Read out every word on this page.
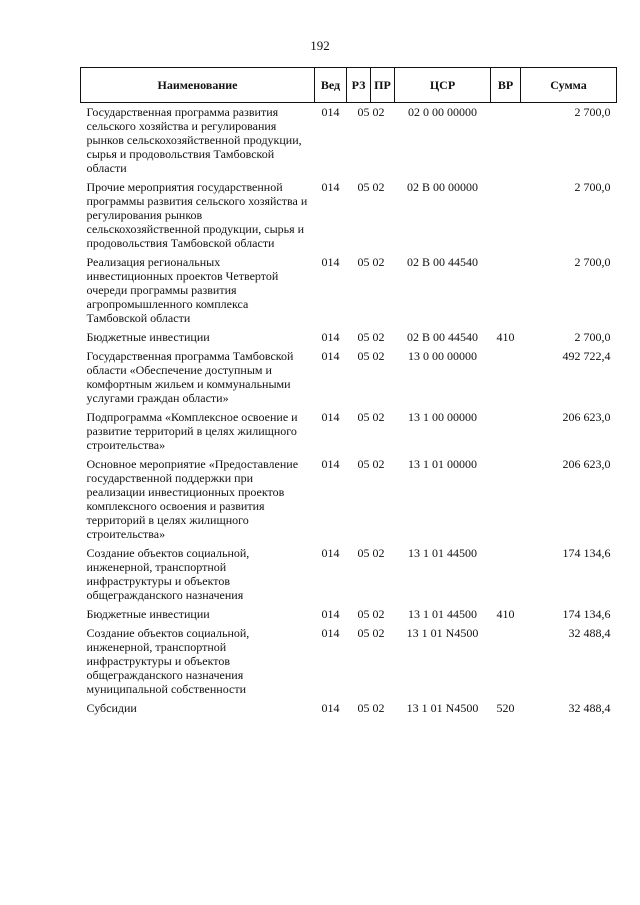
192
Наименование	Вед	РЗ	ПР	ЦСР	ВР	Сумма
Государственная программа развития сельского хозяйства и регулирования рынков сельскохозяйственной продукции, сырья и продовольствия Тамбовской области	014	05	02	02 0 00 00000		2 700,0
Прочие мероприятия государственной программы развития сельского хозяйства и регулирования рынков сельскохозяйственной продукции, сырья и продовольствия Тамбовской области	014	05	02	02 В 00 00000		2 700,0
Реализация региональных инвестиционных проектов Четвертой очереди программы развития агропромышленного комплекса Тамбовской области	014	05	02	02 В 00 44540		2 700,0
Бюджетные инвестиции	014	05	02	02 В 00 44540	410	2 700,0
Государственная программа Тамбовской области «Обеспечение доступным и комфортным жильем и коммунальными услугами граждан области»	014	05	02	13 0 00 00000		492 722,4
Подпрограмма «Комплексное освоение и развитие территорий в целях жилищного строительства»	014	05	02	13 1 00 00000		206 623,0
Основное мероприятие «Предоставление государственной поддержки при реализации инвестиционных проектов комплексного освоения и развития территорий в целях жилищного строительства»	014	05	02	13 1 01 00000		206 623,0
Создание объектов социальной, инженерной, транспортной инфраструктуры и объектов общегражданского назначения	014	05	02	13 1 01 44500		174 134,6
Бюджетные инвестиции	014	05	02	13 1 01 44500	410	174 134,6
Создание объектов социальной, инженерной, транспортной инфраструктуры и объектов общегражданского назначения муниципальной собственности	014	05	02	13 1 01 N4500		32 488,4
Субсидии	014	05	02	13 1 01 N4500	520	32 488,4
